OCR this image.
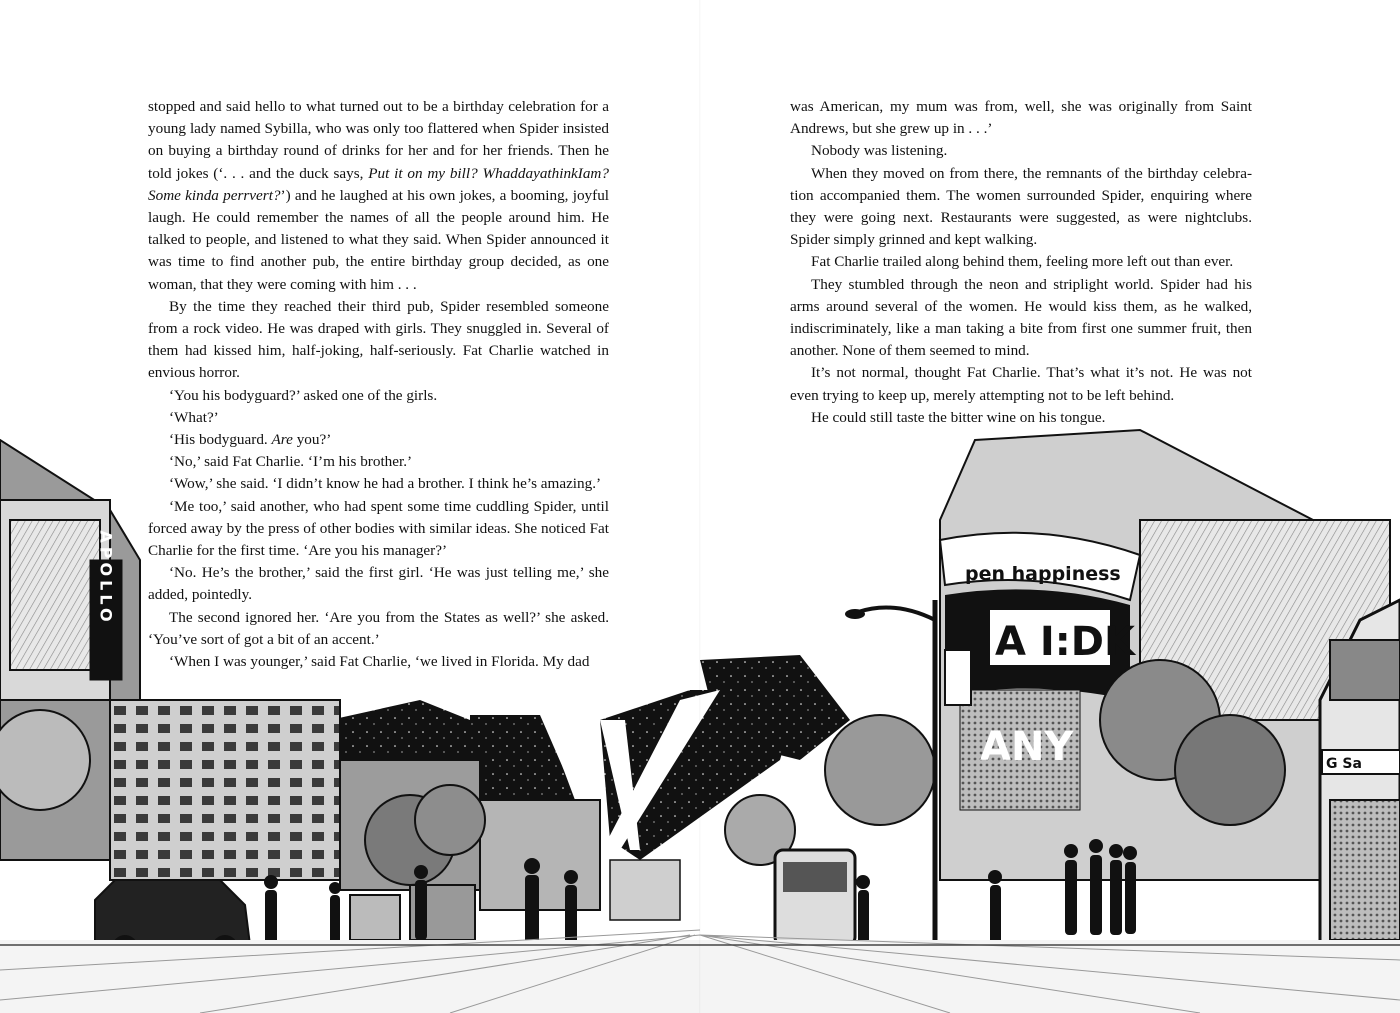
APOLLO	pen happiness
A I:DK
ANY	G Sa

stopped and said hello to what turned out to be a birthday celebration for a young lady named Sybilla, who was only too flattered when Spider insisted on buying a birthday round of drinks for her and for her friends. Then he told jokes (‘. . . and the duck says, Put it on my bill? WhaddayathinkIam? Some kinda perrvert?’) and he laughed at his own jokes, a booming, joyful laugh. He could remember the names of all the people around him. He talked to people, and listened to what they said. When Spider announced it was time to find another pub, the entire birthday group decided, as one woman, that they were coming with him . . .

By the time they reached their third pub, Spider resembled someone from a rock video. He was draped with girls. They snuggled in. Several of them had kissed him, half-joking, half-seriously. Fat Charlie watched in envious horror.

‘You his bodyguard?’ asked one of the girls.

‘What?’

‘His bodyguard. Are you?’

‘No,’ said Fat Charlie. ‘I’m his brother.’

‘Wow,’ she said. ‘I didn’t know he had a brother. I think he’s amazing.’

‘Me too,’ said another, who had spent some time cuddling Spider, until forced away by the press of other bodies with similar ideas. She noticed Fat Charlie for the first time. ‘Are you his manager?’

‘No. He’s the brother,’ said the first girl. ‘He was just telling me,’ she added, pointedly.

The second ignored her. ‘Are you from the States as well?’ she asked. ‘You’ve sort of got a bit of an accent.’

‘When I was younger,’ said Fat Charlie, ‘we lived in Florida. My dad

was American, my mum was from, well, she was originally from Saint Andrews, but she grew up in . . .’

Nobody was listening.

When they moved on from there, the remnants of the birthday celebration accompanied them. The women surrounded Spider, enquiring where they were going next. Restaurants were suggested, as were nightclubs. Spider simply grinned and kept walking.

Fat Charlie trailed along behind them, feeling more left out than ever.

They stumbled through the neon and striplight world. Spider had his arms around several of the women. He would kiss them, as he walked, indiscriminately, like a man taking a bite from first one summer fruit, then another. None of them seemed to mind.

It’s not normal, thought Fat Charlie. That’s what it’s not. He was not even trying to keep up, merely attempting not to be left behind.

He could still taste the bitter wine on his tongue.
